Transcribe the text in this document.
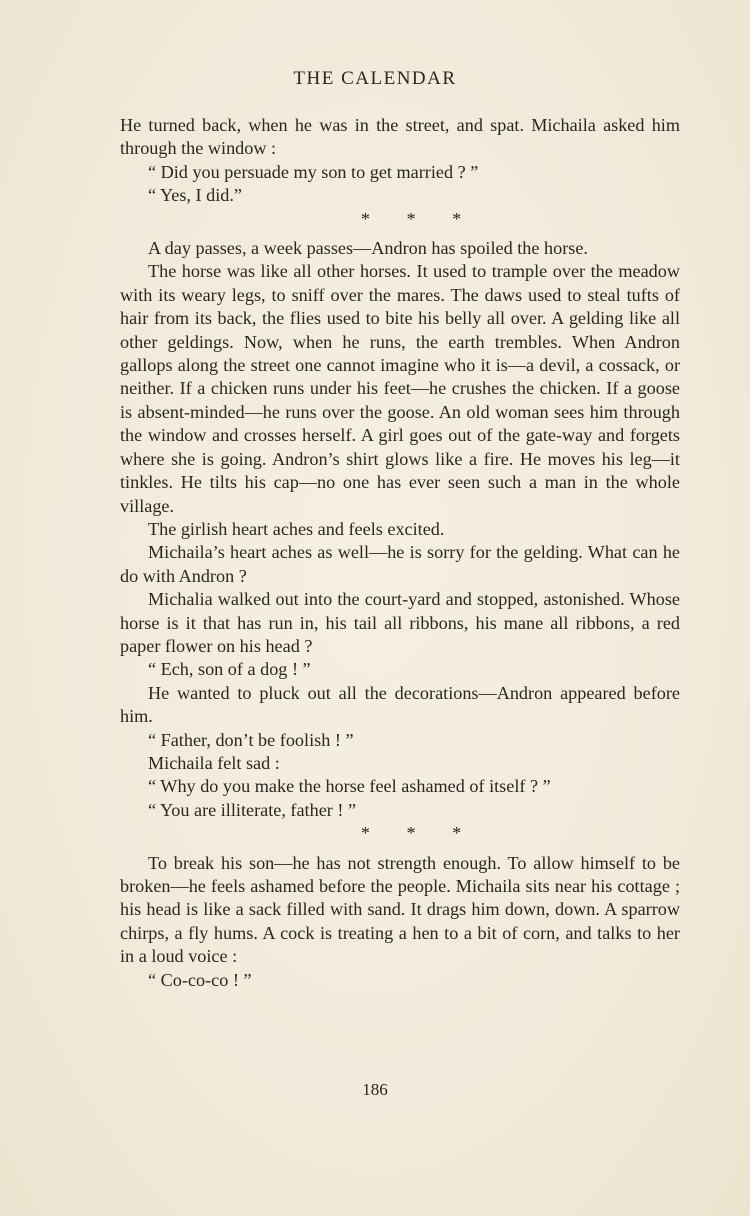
THE CALENDAR

He turned back, when he was in the street, and spat. Michaila asked him through the window :

“ Did you persuade my son to get married ? ”

“ Yes, I did.”

* * *

A day passes, a week passes—Andron has spoiled the horse.

The horse was like all other horses. It used to trample over the meadow with its weary legs, to sniff over the mares. The daws used to steal tufts of hair from its back, the flies used to bite his belly all over. A gelding like all other geldings. Now, when he runs, the earth trembles. When Andron gallops along the street one cannot imagine who it is—a devil, a cossack, or neither. If a chicken runs under his feet—he crushes the chicken. If a goose is absent-minded—he runs over the goose. An old woman sees him through the window and crosses herself. A girl goes out of the gate-way and forgets where she is going. Andron’s shirt glows like a fire. He moves his leg—it tinkles. He tilts his cap—no one has ever seen such a man in the whole village.

The girlish heart aches and feels excited.

Michaila’s heart aches as well—he is sorry for the gelding. What can he do with Andron ?

Michalia walked out into the court-yard and stopped, astonished. Whose horse is it that has run in, his tail all ribbons, his mane all ribbons, a red paper flower on his head ?

“ Ech, son of a dog ! ”

He wanted to pluck out all the decorations—Andron appeared before him.

“ Father, don’t be foolish ! ”

Michaila felt sad :

“ Why do you make the horse feel ashamed of itself ? ”

“ You are illiterate, father ! ”

* * *

To break his son—he has not strength enough. To allow himself to be broken—he feels ashamed before the people. Michaila sits near his cottage ; his head is like a sack filled with sand. It drags him down, down. A sparrow chirps, a fly hums. A cock is treating a hen to a bit of corn, and talks to her in a loud voice :

“ Co-co-co ! ”

186
